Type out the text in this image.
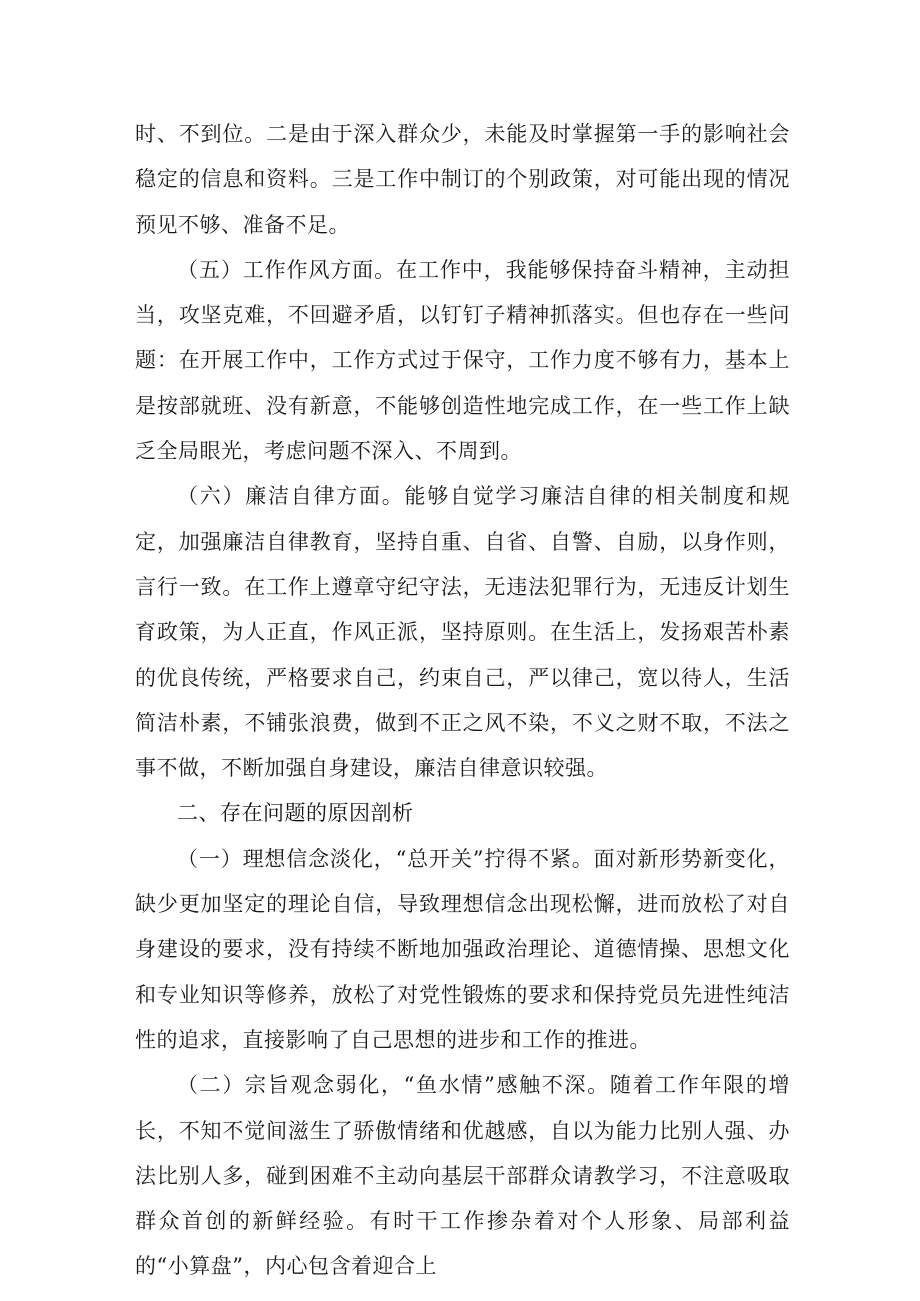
时、不到位。二是由于深入群众少，未能及时掌握第一手的影响社会稳定的信息和资料。三是工作中制订的个别政策，对可能出现的情况预见不够、准备不足。

（五）工作作风方面。在工作中，我能够保持奋斗精神，主动担当，攻坚克难，不回避矛盾，以钉钉子精神抓落实。但也存在一些问题：在开展工作中，工作方式过于保守，工作力度不够有力，基本上是按部就班、没有新意，不能够创造性地完成工作，在一些工作上缺乏全局眼光，考虑问题不深入、不周到。

（六）廉洁自律方面。能够自觉学习廉洁自律的相关制度和规定，加强廉洁自律教育，坚持自重、自省、自警、自励，以身作则，言行一致。在工作上遵章守纪守法，无违法犯罪行为，无违反计划生育政策，为人正直，作风正派，坚持原则。在生活上，发扬艰苦朴素的优良传统，严格要求自己，约束自己，严以律己，宽以待人，生活简洁朴素，不铺张浪费，做到不正之风不染，不义之财不取，不法之事不做，不断加强自身建设，廉洁自律意识较强。

二、存在问题的原因剖析

（一）理想信念淡化，“总开关”拧得不紧。面对新形势新变化，缺少更加坚定的理论自信，导致理想信念出现松懈，进而放松了对自身建设的要求，没有持续不断地加强政治理论、道德情操、思想文化和专业知识等修养，放松了对党性锻炼的要求和保持党员先进性纯洁性的追求，直接影响了自己思想的进步和工作的推进。

（二）宗旨观念弱化，“鱼水情”感触不深。随着工作年限的增长，不知不觉间滋生了骄傲情绪和优越感，自以为能力比别人强、办法比别人多，碰到困难不主动向基层干部群众请教学习，不注意吸取群众首创的新鲜经验。有时干工作掺杂着对个人形象、局部利益的“小算盘”，内心包含着迎合上
